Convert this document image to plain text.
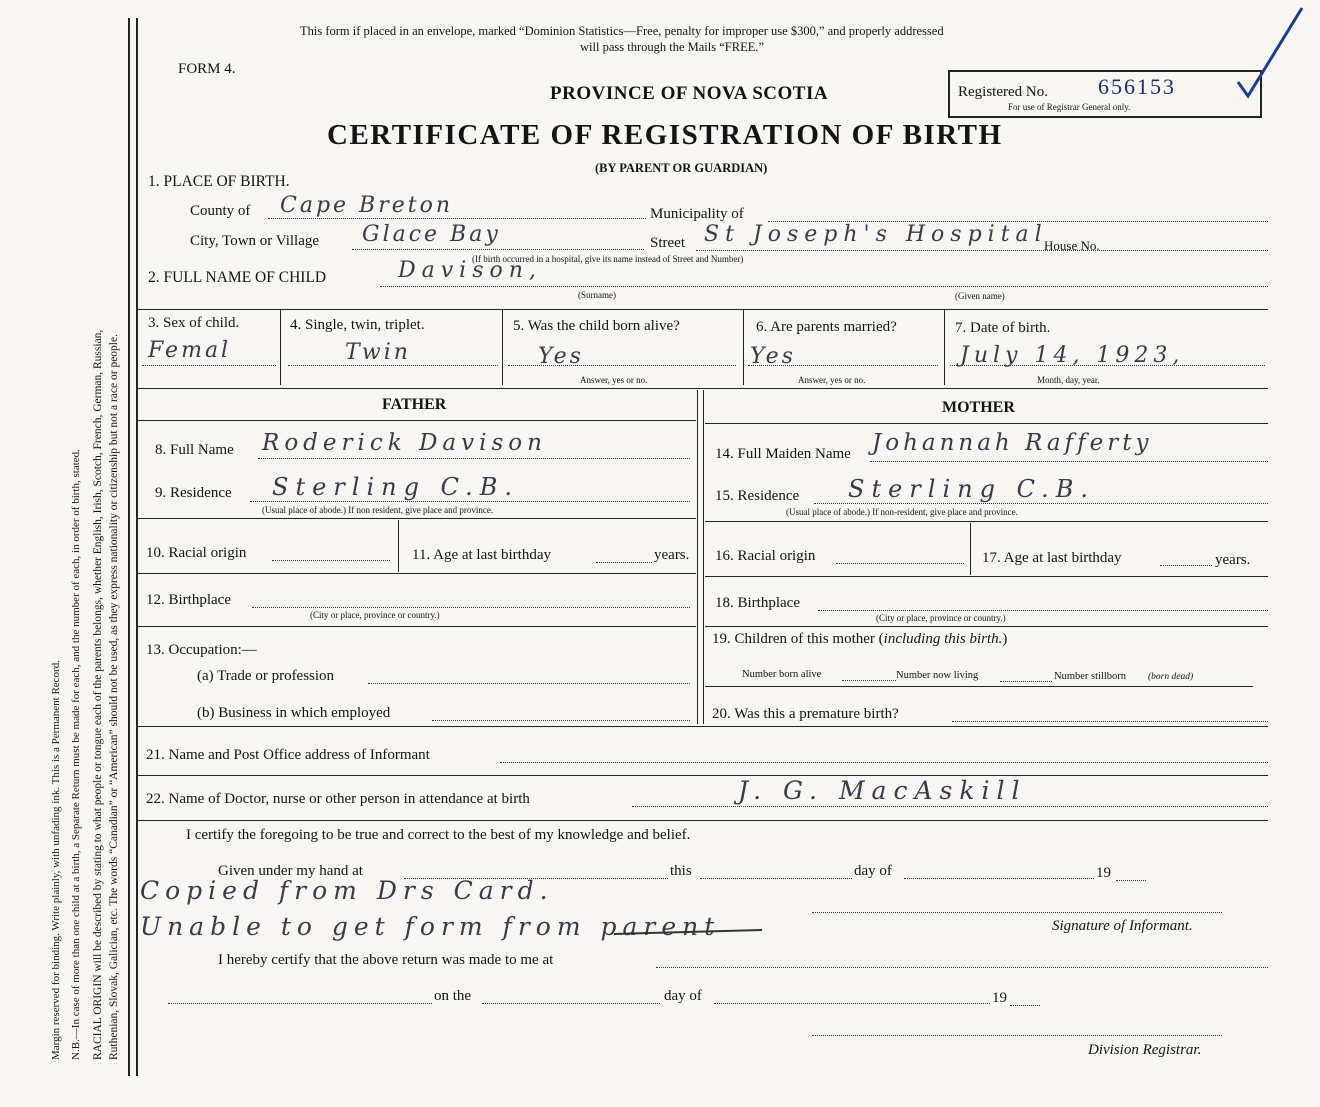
Margin reserved for binding. Write plainly, with unfading ink. This is a Permanent Record. N.B.—In case of more than one child at a birth, a Separate Return must be made for each, and the number of each, in order of birth, stated. RACIAL ORIGIN will be described by stating to what people or tongue each of the parents belongs, whether English, Irish, Scotch, French, German, Russian, Ruthenian, Slovak, Galician, etc. The words “Canadian” or “American” should not be used, as they express nationality or citizenship but not a race or people.
This form if placed in an envelope, marked “Dominion Statistics—Free, penalty for improper use $300,” and properly addressed
will pass through the Mails “FREE.”
FORM 4.
PROVINCE OF NOVA SCOTIA
CERTIFICATE OF REGISTRATION OF BIRTH
(BY PARENT OR GUARDIAN)
Registered No. 656153
For use of Registrar General only.
1. PLACE OF BIRTH.
County of Cape Breton	Municipality of
City, Town or Village Glace Bay	Street St Joseph's Hospital
House No.
(If birth occurred in a hospital, give its name instead of Street and Number)
2. FULL NAME OF CHILD	Davison,
(Surname)	(Given name)
3. Sex of child.
Femal
4. Single, twin, triplet.
Twin
5. Was the child born alive?
Yes
Answer, yes or no.
6. Are parents married?
Yes
Answer, yes or no.
7. Date of birth.
July 14, 1923,
Month, day, year.
FATHER	MOTHER
8. Full Name Roderick Davison
9. Residence Sterling C.B.
(Usual place of abode.) If non resident, give place and province.
10. Racial origin	11. Age at last birthday	years.
12. Birthplace
(City or place, province or country.)
13. Occupation:—
(a) Trade or profession
(b) Business in which employed
14. Full Maiden Name Johannah Rafferty
15. Residence Sterling C.B.
(Usual place of abode.) If non-resident, give place and province.
16. Racial origin	17. Age at last birthday	years.
18. Birthplace
(City or place, province or country.)
19. Children of this mother (including this birth.)
Number born alive	Number now living	Number stillborn (born dead)
20. Was this a premature birth?
21. Name and Post Office address of Informant
22. Name of Doctor, nurse or other person in attendance at birth	J. G. MacAskill
I certify the foregoing to be true and correct to the best of my knowledge and belief.
Given under my hand at	this	day of	19
Copied from Drs Card.
Unable to get form from parent	Signature of Informant.
I hereby certify that the above return was made to me at
on the	day of	19
Division Registrar.
